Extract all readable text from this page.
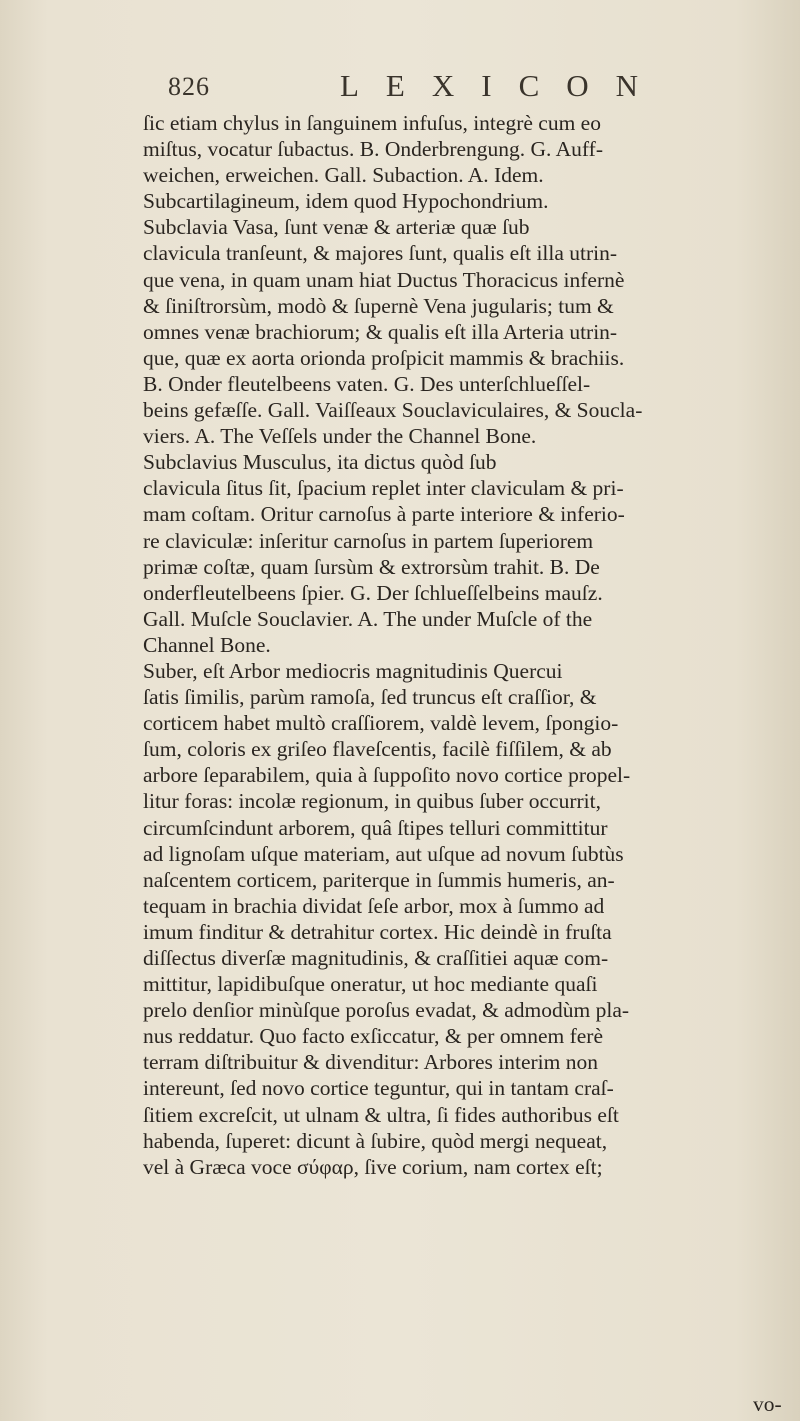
826	LEXICON
ſic etiam chylus in ſanguinem infuſus, integrè cum eo
miſtus, vocatur ſubactus. B. Onderbrengung. G. Auff-
weichen, erweichen. Gall. Subaction. A. Idem.
Subcartilagineum, idem quod Hypochondrium.
Subclavia Vasa, ſunt venæ & arteriæ quæ ſub
clavicula tranſeunt, & majores ſunt, qualis eſt illa utrin-
que vena, in quam unam hiat Ductus Thoracicus infernè
& ſiniſtrorsùm, modò & ſupernè Vena jugularis; tum &
omnes venæ brachiorum; & qualis eſt illa Arteria utrin-
que, quæ ex aorta orionda proſpicit mammis & brachiis.
B. Onder fleutelbeens vaten. G. Des unterſchlueſſel-
beins gefæſſe. Gall. Vaiſſeaux Souclaviculaires, & Soucla-
viers. A. The Veſſels under the Channel Bone.
Subclavius Musculus, ita dictus quòd ſub
clavicula ſitus ſit, ſpacium replet inter claviculam & pri-
mam coſtam. Oritur carnoſus à parte interiore & inferio-
re claviculæ: inſeritur carnoſus in partem ſuperiorem
primæ coſtæ, quam ſursùm & extrorsùm trahit. B. De
onderfleutelbeens ſpier. G. Der ſchlueſſelbeins mauſz.
Gall. Muſcle Souclavier. A. The under Muſcle of the
Channel Bone.
Suber, eſt Arbor mediocris magnitudinis Quercui
ſatis ſimilis, parùm ramoſa, ſed truncus eſt craſſior, &
corticem habet multò craſſiorem, valdè levem, ſpongio-
ſum, coloris ex griſeo flaveſcentis, facilè fiſſilem, & ab
arbore ſeparabilem, quia à ſuppoſito novo cortice propel-
litur foras: incolæ regionum, in quibus ſuber occurrit,
circumſcindunt arborem, quâ ſtipes telluri committitur
ad lignoſam uſque materiam, aut uſque ad novum ſubtùs
naſcentem corticem, pariterque in ſummis humeris, an-
tequam in brachia dividat ſeſe arbor, mox à ſummo ad
imum finditur & detrahitur cortex. Hic deindè in fruſta
diſſectus diverſæ magnitudinis, & craſſitiei aquæ com-
mittitur, lapidibuſque oneratur, ut hoc mediante quaſi
prelo denſior minùſque poroſus evadat, & admodùm pla-
nus reddatur. Quo facto exſiccatur, & per omnem ferè
terram diſtribuitur & divenditur: Arbores interim non
intereunt, ſed novo cortice teguntur, qui in tantam craſ-
ſitiem excreſcit, ut ulnam & ultra, ſi fides authoribus eſt
habenda, ſuperet: dicunt à ſubire, quòd mergi nequeat,
vel à Græca voce σύφαρ, ſive corium, nam cortex eſt;
vo-
